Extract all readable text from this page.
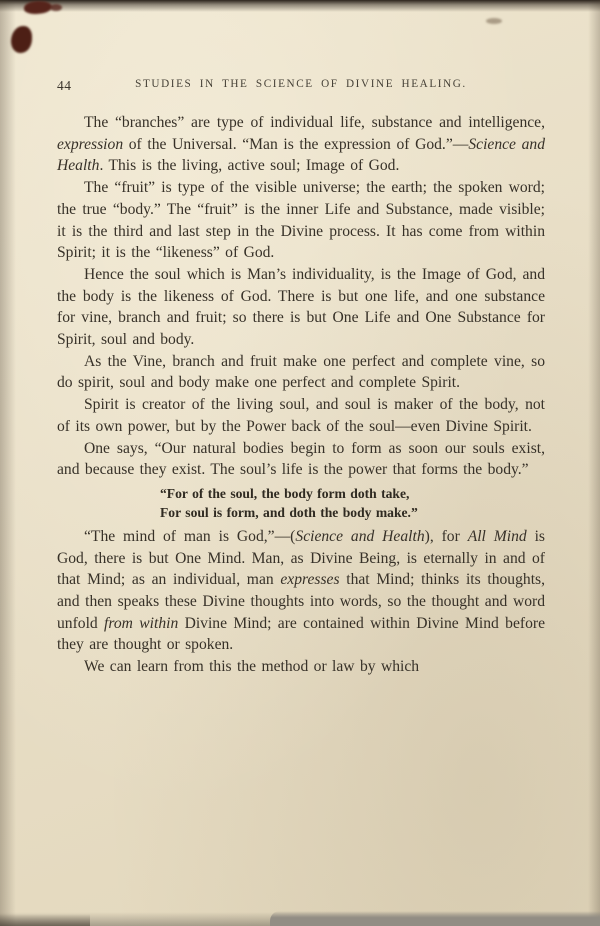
44	STUDIES IN THE SCIENCE OF DIVINE HEALING.

The “branches” are type of individual life, substance and intelligence, expression of the Universal. “Man is the expression of God.”—Science and Health. This is the living, active soul; Image of God.

The “fruit” is type of the visible universe; the earth; the spoken word; the true “body.” The “fruit” is the inner Life and Substance, made visible; it is the third and last step in the Divine process. It has come from within Spirit; it is the “likeness” of God.

Hence the soul which is Man’s individuality, is the Image of God, and the body is the likeness of God. There is but one life, and one substance for vine, branch and fruit; so there is but One Life and One Substance for Spirit, soul and body.

As the Vine, branch and fruit make one perfect and complete vine, so do spirit, soul and body make one perfect and complete Spirit.

Spirit is creator of the living soul, and soul is maker of the body, not of its own power, but by the Power back of the soul—even Divine Spirit.

One says, “Our natural bodies begin to form as soon our souls exist, and because they exist. The soul’s life is the power that forms the body.”

“For of the soul, the body form doth take,
For soul is form, and doth the body make.”

“The mind of man is God,”—(Science and Health), for All Mind is God, there is but One Mind. Man, as Divine Being, is eternally in and of that Mind; as an individual, man expresses that Mind; thinks its thoughts, and then speaks these Divine thoughts into words, so the thought and word unfold from within Divine Mind; are contained within Divine Mind before they are thought or spoken.

We can learn from this the method or law by which
